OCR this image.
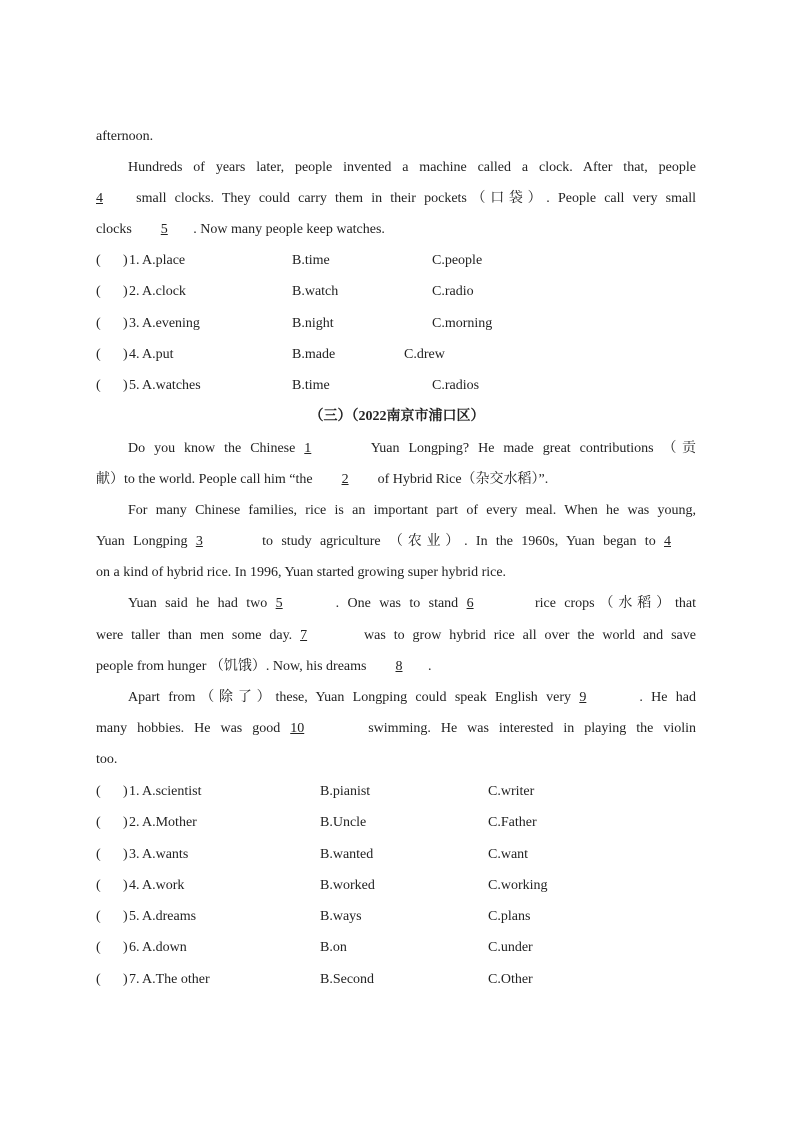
afternoon.
Hundreds of years later, people invented a machine called a clock. After that, people
4 small clocks. They could carry them in their pockets（口袋）. People call very small
clocks 5 . Now many people keep watches.
( ) 1. A.place	B.time	C.people
( ) 2. A.clock	B.watch	C.radio
( ) 3. A.evening	B.night	C.morning
( ) 4. A.put	B.made	C.drew
( ) 5. A.watches	B.time	C.radios
（三）（2022南京市浦口区）
Do you know the Chinese 1	Yuan Longping? He made great contributions （贡
献）to the world. People call him “the 2 of Hybrid Rice（杂交水稻）”.
For many Chinese families, rice is an important part of every meal. When he was young,
Yuan Longping 3	to study agriculture （农业）. In the 1960s, Yuan began to 4
on a kind of hybrid rice. In 1996, Yuan started growing super hybrid rice.
Yuan said he had two 5	. One was to stand 6	rice crops（水稻）that
were taller than men some day. 7	was to grow hybrid rice all over the world and save
people from hunger （饥饿）. Now, his dreams 8 .
Apart from（除了）these, Yuan Longping could speak English very 9	. He had
many hobbies. He was good 10	swimming. He was interested in playing the violin
too.
( ) 1. A.scientist	B.pianist	C.writer
( ) 2. A.Mother	B.Uncle	C.Father
( ) 3. A.wants	B.wanted	C.want
( ) 4. A.work	B.worked	C.working
( ) 5. A.dreams	B.ways	C.plans
( ) 6. A.down	B.on	C.under
( ) 7. A.The other	B.Second	C.Other
